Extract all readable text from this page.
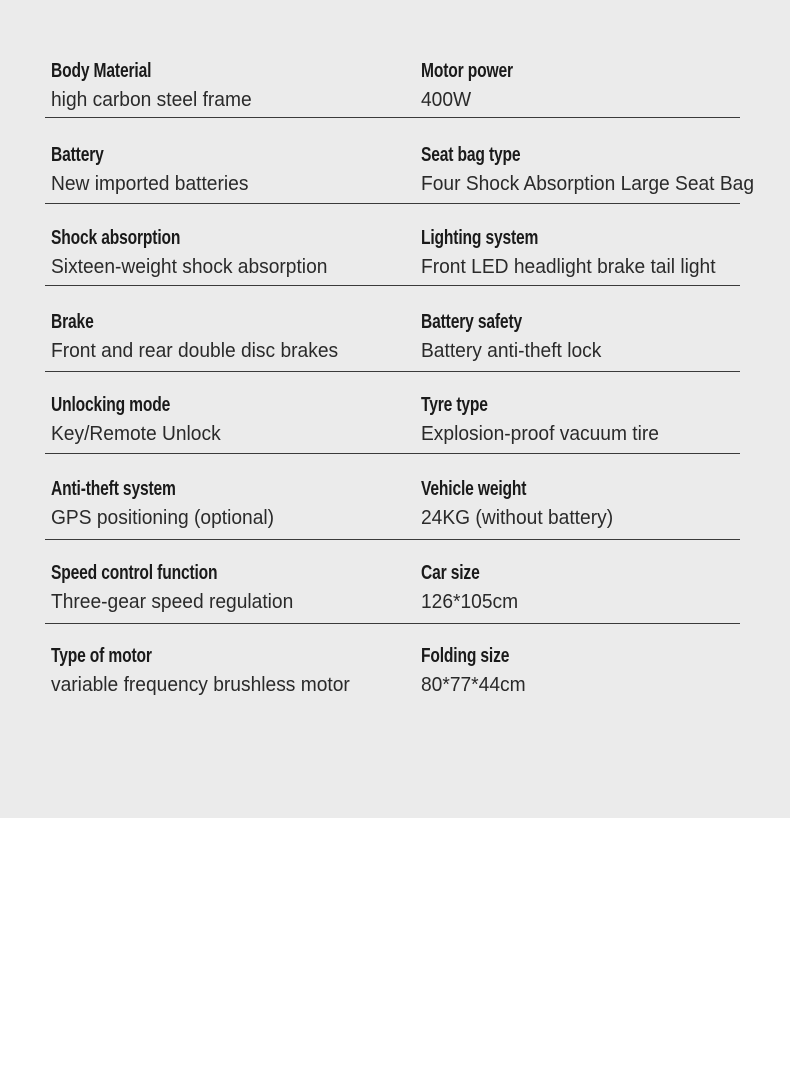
Body Material
high carbon steel frame
Motor power
400W
Battery
New imported batteries
Seat bag type
Four Shock Absorption Large Seat Bag
Shock absorption
Sixteen-weight shock absorption
Lighting system
Front LED headlight brake tail light
Brake
Front and rear double disc brakes
Battery safety
Battery anti-theft lock
Unlocking mode
Key/Remote Unlock
Tyre type
Explosion-proof vacuum tire
Anti-theft system
GPS positioning (optional)
Vehicle weight
24KG (without battery)
Speed control function
Three-gear speed regulation
Car size
126*105cm
Type of motor
variable frequency brushless motor
Folding size
80*77*44cm
